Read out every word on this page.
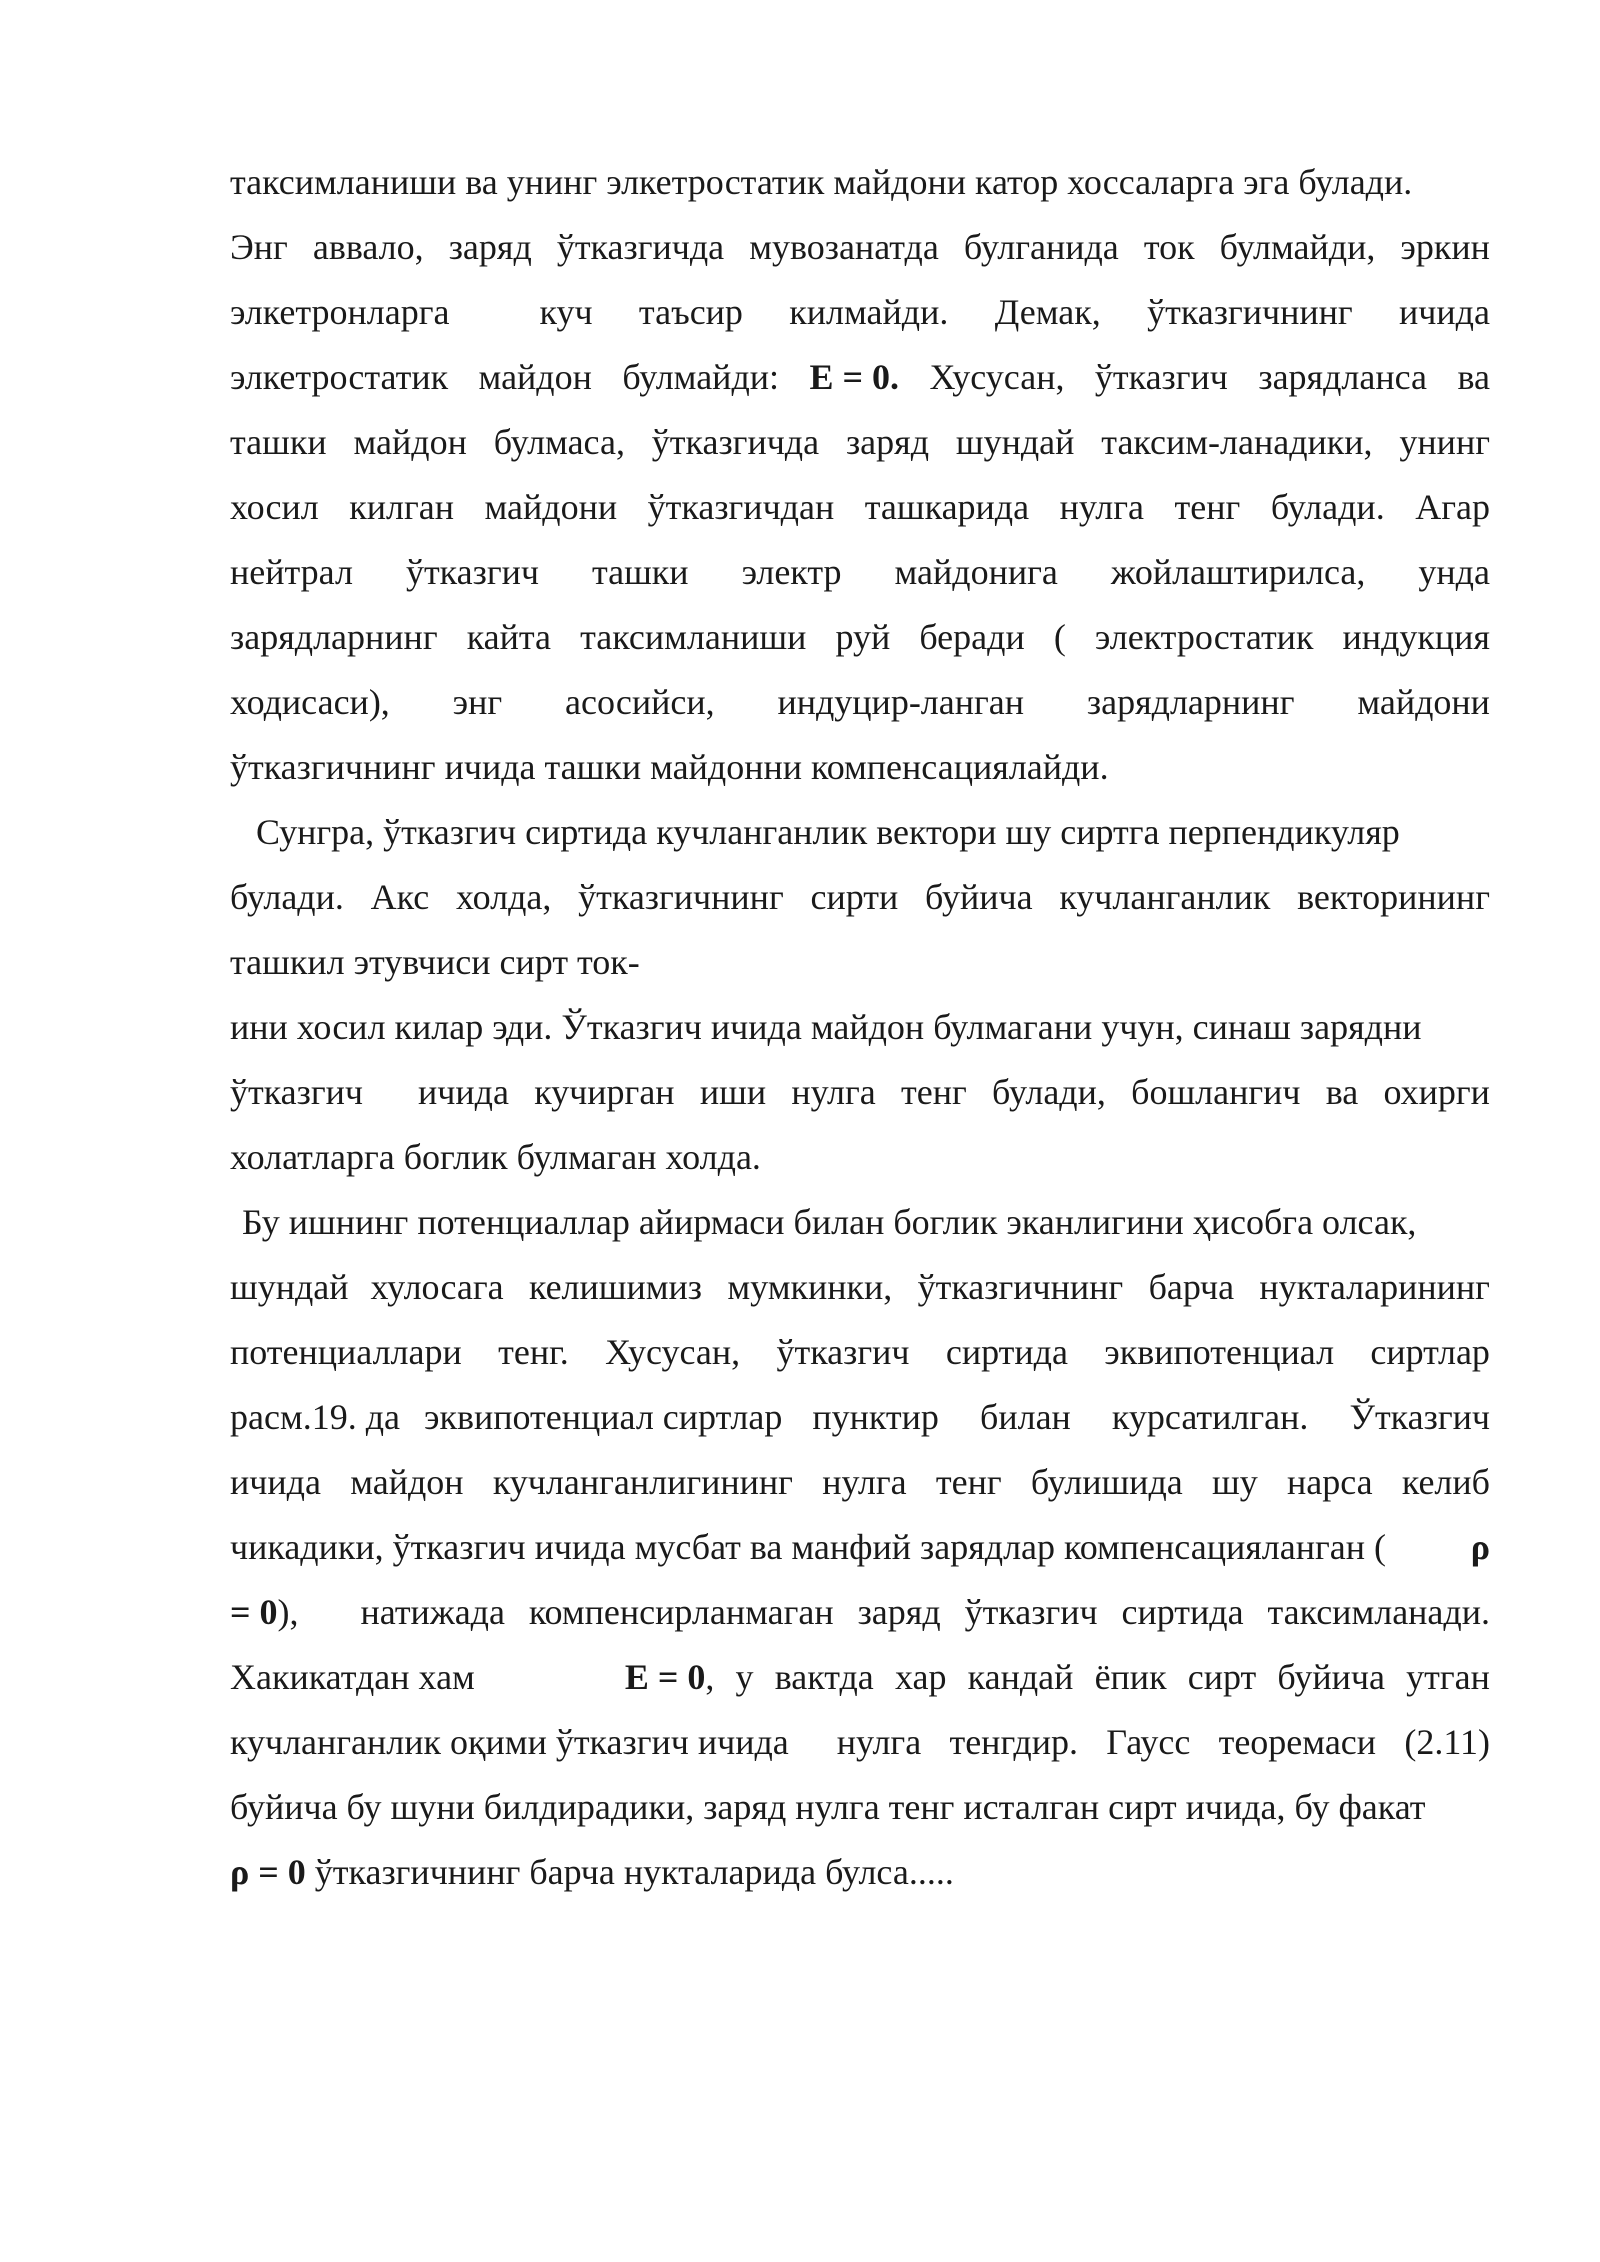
таксимланиши ва унинг элкетростатик майдони катор хоссаларга эга булади.
Энг аввало, заряд ўтказгичда мувозанатда булганида ток булмайди, эркин
элкетронларга	куч таъсир килмайди. Демак, ўтказгичнинг ичида
элкетростатик майдон булмайди: E = 0. Хусусан, ўтказгич зарядланса ва
ташки майдон булмаса, ўтказгичда заряд шундай таксим-ланадики, унинг
хосил килган майдони ўтказгичдан ташкарида нулга тенг булади. Агар
нейтрал ўтказгич ташки электр майдонига жойлаштирилса, унда
зарядларнинг кайта таксимланиши руй беради ( электростатик индукция
ходисаси), энг асосийси, индуцир-ланган зарядларнинг майдони
ўтказгичнинг ичида ташки майдонни компенсациялайди.
Сунгра, ўтказгич сиртида кучланганлик вектори шу сиртга перпендикуляр
булади. Акс холда, ўтказгичнинг сирти буйича кучланганлик векторининг
ташкил этувчиси сирт ток-
ини хосил килар эди. Ўтказгич ичида майдон булмагани учун, синаш зарядни
ўтказгич ичида кучирган иши нулга тенг булади, бошлангич ва охирги
холатларга боглик булмаган холда.
Бу ишнинг потенциаллар айирмаси билан боглик эканлигини ҳисобга олсак,
шундай хулосага келишимиз мумкинки, ўтказгичнинг барча нукталарининг
потенциаллари тенг. Хусусан, ўтказгич сиртида эквипотенциал сиртлар
расм.19. да эквипотенциал сиртлар пунктир билан курсатилган. Ўтказгич
ичида майдон кучланганлигининг нулга тенг булишида шу нарса келиб
чикадики, ўтказгич ичида мусбат ва манфий зарядлар компенсацияланган ( ρ
= 0 ), натижада компенсирланмаган заряд ўтказгич сиртида таксимланади.
Хакикатдан хам	E = 0 , у вактда хар кандай ёпик сирт буйича утган
кучланганлик оқими ўтказгич ичида нулга тенгдир. Гаусс теоремаси (2.11)
буйича бу шуни билдирадики, заряд нулга тенг исталган сирт ичида, бу факат
ρ = 0 ўтказгичнинг барча нукталарида булса.....
